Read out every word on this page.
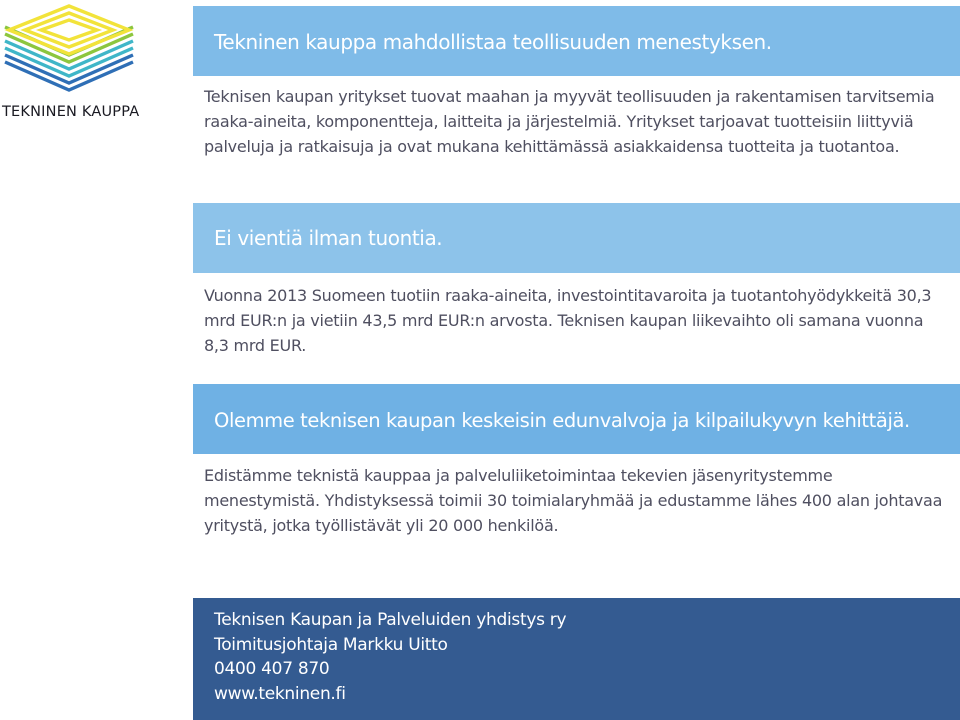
TEKNINEN KAUPPA
Tekninen kauppa mahdollistaa teollisuuden menestyksen.

Teknisen kaupan yritykset tuovat maahan ja myyvät teollisuuden ja rakentamisen tarvitsemia raaka-aineita, komponentteja, laitteita ja järjestelmiä. Yritykset tarjoavat tuotteisiin liittyviä palveluja ja ratkaisuja ja ovat mukana kehittämässä asiakkaidensa tuotteita ja tuotantoa.

Ei vientiä ilman tuontia.

Vuonna 2013 Suomeen tuotiin raaka-aineita, investointitavaroita ja tuotantohyödykkeitä 30,3 mrd EUR:n ja vietiin 43,5 mrd EUR:n arvosta. Teknisen kaupan liikevaihto oli samana vuonna 8,3 mrd EUR.

Olemme teknisen kaupan keskeisin edunvalvoja ja kilpailukyvyn kehittäjä.

Edistämme teknistä kauppaa ja palveluliiketoimintaa tekevien jäsenyritystemme menestymistä. Yhdistyksessä toimii 30 toimialaryhmää ja edustamme lähes 400 alan johtavaa yritystä, jotka työllistävät yli 20 000 henkilöä.

Teknisen Kaupan ja Palveluiden yhdistys ry
Toimitusjohtaja Markku Uitto
0400 407 870
www.tekninen.fi
